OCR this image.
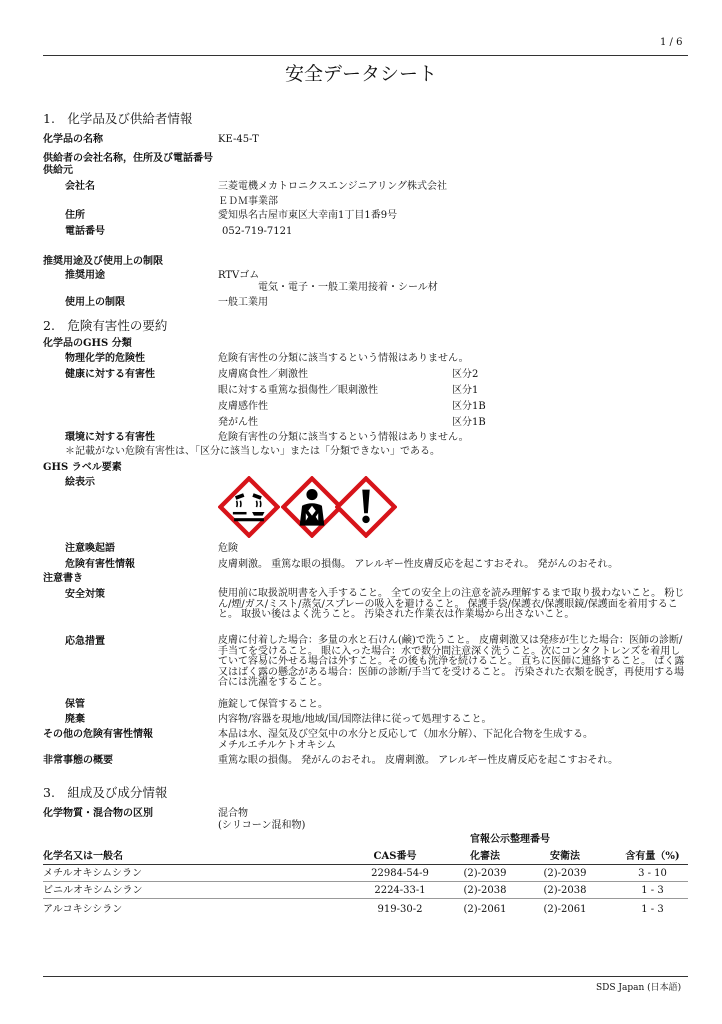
1 / 6
安全データシート
1.　化学品及び供給者情報
化学品の名称	KE-45-T
供給者の会社名称，住所及び電話番号
供給元
会社名	三菱電機メカトロニクスエンジニアリング株式会社
ＥＤＭ事業部
住所	愛知県名古屋市東区大幸南1丁目1番9号
電話番号	052-719-7121
推奨用途及び使用上の制限
推奨用途	RTVゴム
電気・電子・一般工業用接着・シール材
使用上の制限	一般工業用
2.　危険有害性の要約
化学品のGHS 分類
物理化学的危険性	危険有害性の分類に該当するという情報はありません。
健康に対する有害性	皮膚腐食性／刺激性	区分2
眼に対する重篤な損傷性／眼刺激性	区分1
皮膚感作性	区分1B
発がん性	区分1B
環境に対する有害性	危険有害性の分類に該当するという情報はありません。
＊記載がない危険有害性は、「区分に該当しない」または「分類できない」である。
GHS ラベル要素
絵表示
注意喚起語	危険
危険有害性情報	皮膚刺激。 重篤な眼の損傷。 アレルギー性皮膚反応を起こすおそれ。 発がんのおそれ。
注意書き
安全対策	使用前に取扱説明書を入手すること。 全ての安全上の注意を読み理解するまで取り扱わないこと。 粉じん/煙/ガス/ミスト/蒸気/スプレーの吸入を避けること。 保護手袋/保護衣/保護眼鏡/保護面を着用すること。 取扱い後はよく洗うこと。 汚染された作業衣は作業場から出さないこと。
応急措置	皮膚に付着した場合：多量の水と石けん(鹸)で洗うこと。 皮膚刺激又は発疹が生じた場合：医師の診断/手当てを受けること。 眼に入った場合：水で数分間注意深く洗うこと。次にコンタクトレンズを着用していて容易に外せる場合は外すこと。その後も洗浄を続けること。 直ちに医師に連絡すること。 ばく露又はばく露の懸念がある場合：医師の診断/手当てを受けること。 汚染された衣類を脱ぎ，再使用する場合には洗濯をすること。
保管	施錠して保管すること。
廃棄	内容物/容器を現地/地域/国/国際法律に従って処理すること。
その他の危険有害性情報	本品は水、湿気及び空気中の水分と反応して（加水分解）、下記化合物を生成する。
メチルエチルケトオキシム
非常事態の概要	重篤な眼の損傷。 発がんのおそれ。 皮膚刺激。 アレルギー性皮膚反応を起こすおそれ。
3.　組成及び成分情報
化学物質・混合物の区別	混合物
(シリコーン混和物)
官報公示整理番号
化学名又は一般名	CAS番号	化審法	安衛法	含有量（%)
メチルオキシムシラン	22984-54-9	(2)-2039	(2)-2039	3 - 10
ビニルオキシムシラン	2224-33-1	(2)-2038	(2)-2038	1 - 3
アルコキシシラン	919-30-2	(2)-2061	(2)-2061	1 - 3
SDS Japan (日本語)
